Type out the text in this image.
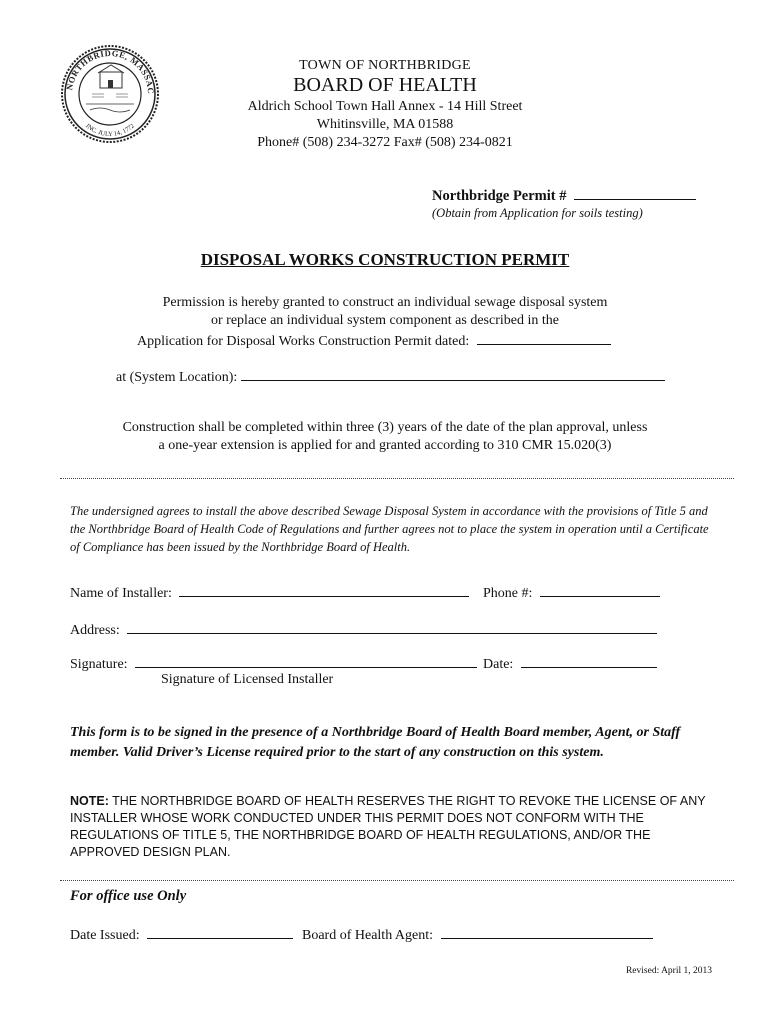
NORTHBRIDGE, MASSAC
INC. JULY 14, 1772
TOWN OF NORTHBRIDGE
BOARD OF HEALTH
Aldrich School Town Hall Annex - 14 Hill Street
Whitinsville, MA 01588
Phone# (508) 234-3272 Fax# (508) 234-0821
Northbridge Permit #
(Obtain from Application for soils testing)
DISPOSAL WORKS CONSTRUCTION PERMIT
Permission is hereby granted to construct an individual sewage disposal system
or replace an individual system component as described in the
Application for Disposal Works Construction Permit dated:
at (System Location):
Construction shall be completed within three (3) years of the date of the plan approval, unless
a one-year extension is applied for and granted according to 310 CMR 15.020(3)
The undersigned agrees to install the above described Sewage Disposal System in accordance with the provisions of Title 5 and the Northbridge Board of Health Code of Regulations and further agrees not to place the system in operation until a Certificate of Compliance has been issued by the Northbridge Board of Health.
Name of Installer:	Phone #:
Address:
Signature:	Date:
Signature of Licensed Installer
This form is to be signed in the presence of a Northbridge Board of Health Board member, Agent, or Staff member. Valid Driver’s License required prior to the start of any construction on this system.
NOTE: THE NORTHBRIDGE BOARD OF HEALTH RESERVES THE RIGHT TO REVOKE THE LICENSE OF ANY INSTALLER WHOSE WORK CONDUCTED UNDER THIS PERMIT DOES NOT CONFORM WITH THE REGULATIONS OF TITLE 5, THE NORTHBRIDGE BOARD OF HEALTH REGULATIONS, AND/OR THE APPROVED DESIGN PLAN.
For office use Only
Date Issued:	Board of Health Agent:
Revised: April 1, 2013
